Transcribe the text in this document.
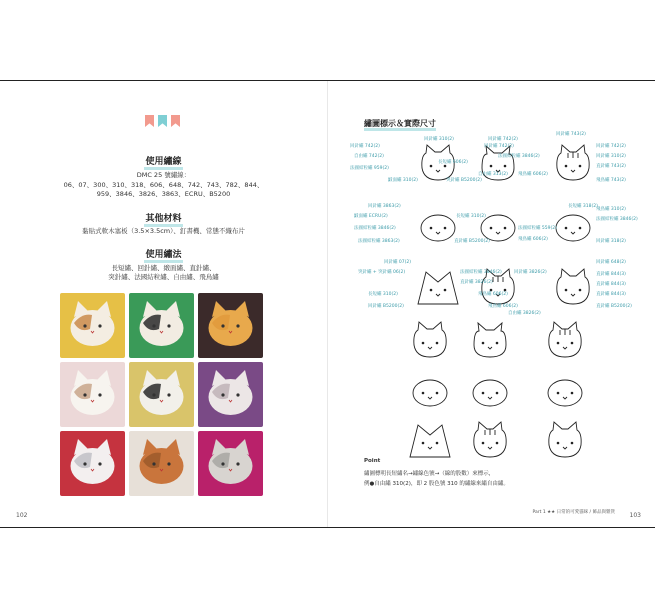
使用繡線
DMC 25 號繡線：
06、07、300、310、318、606、648、742、743、782、844、
959、3846、3826、3863、ECRU、B5200
其他材料
黏貼式軟木塞板（3.5×3.5cm）、釘書機、常態不織布片
使用繡法
長短繡、回針繡、緞面繡、直針繡、
突針繡、法國結粒繡、自由繡、飛鳥繡
102
繡圖標示＆實際尺寸
回針繡 310(2)	回針繡 742(2)
回針繡 743(2)
回針繡 742(2)	回針繡 742(2)	回針繡 742(2)
自由繡 742(2)	法國結粒繡 3846(2)	回針繡 310(2)
法國結粒繡 959(2)
長短繡 606(2)
直針繡 743(2)
飛鳥繡 606(2)
緞面繡 310(2)	突針繡 B5200(2)
自由繡 313(2)
飛鳥繡 743(2)
回針繡 3863(2)	長短繡 318(2)
飛鳥繡 310(2)
緞面繡 ECRU(2)	長短繡 310(2)
法國結粒繡 3846(2)
法國結粒繡 3846(2)	法國結粒繡 559(2)
飛鳥繡 606(2)
法國結粒繡 3863(2)	直針繡 B5200(2)	回針繡 318(2)
回針繡 07(2)
回針繡 3826(2)
回針繡 648(2)
突針繡 + 突針繡 06(2)	法國結粒繡 3846(2)	直針繡 844(3)
直針繡 3826(2)	直針繡 844(3)
長短繡 310(2)	飛鳥繡 606(2)	直針繡 844(3)
回針繡 B5200(2)	飛鳥繡 606(2)
自由繡 3826(2)
直針繡 B5200(2)
Point
繡圖標明長短繡名→繡線色號→（線的股數）來標示，
例●自由繡 310(2)，即 2 股色號 310 的繡線來繡自由繡。
Part 1 ★★ 日常的可愛貓咪 / 飾品與雜貨 103
